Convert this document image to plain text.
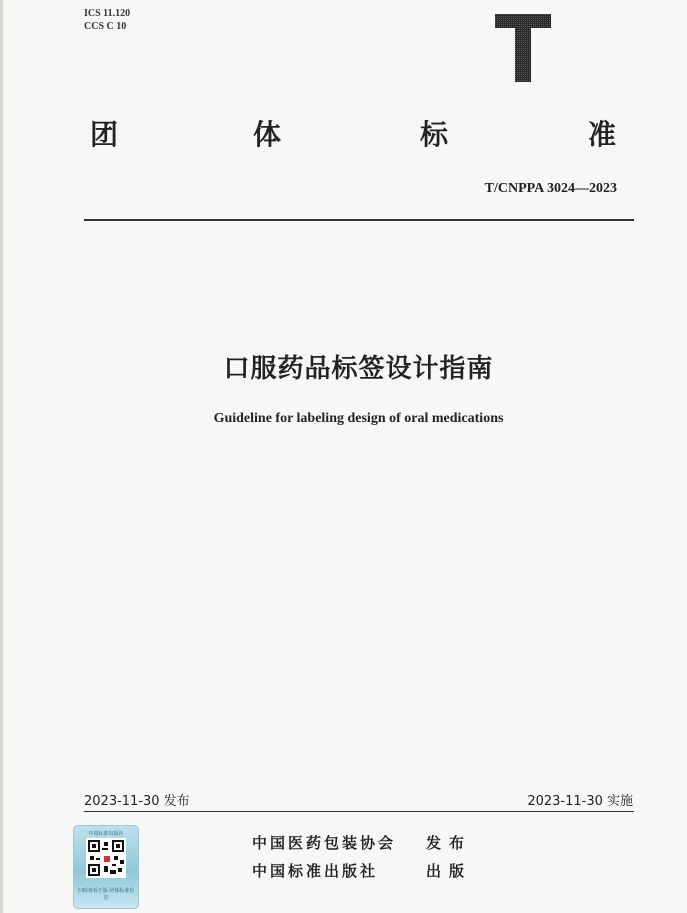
ICS 11.120
CCS C 10
T
团	体	标	准
T/CNPPA 3024—2023
口服药品标签设计指南
Guideline for labeling design of oral medications
2023-11-30 发布	2023-11-30 实施
中国标准出版社
扫码查看正版 团体标准信息
中国医药包装协会 发布
中国标准出版社	出版
